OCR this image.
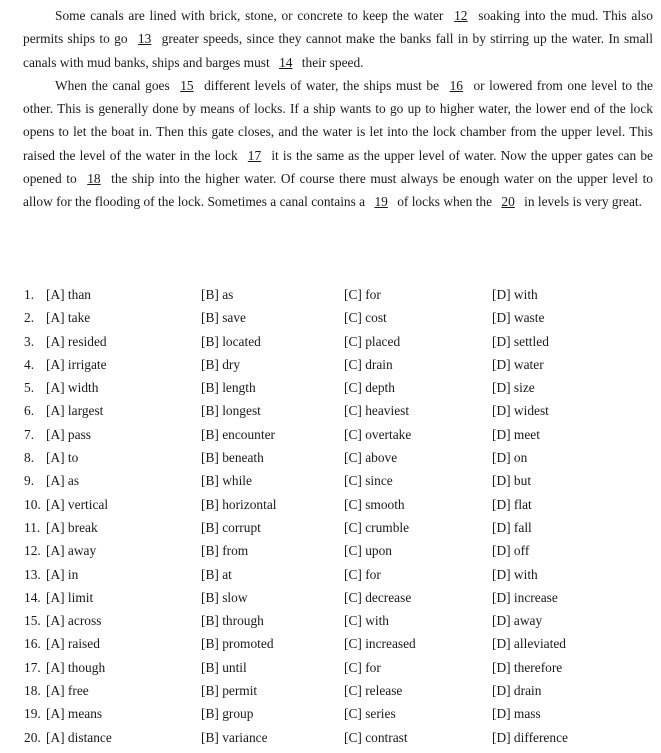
Some canals are lined with brick, stone, or concrete to keep the water 12 soaking into the mud. This also permits ships to go 13 greater speeds, since they cannot make the banks fall in by stirring up the water. In small canals with mud banks, ships and barges must 14 their speed.

When the canal goes 15 different levels of water, the ships must be 16 or lowered from one level to the other. This is generally done by means of locks. If a ship wants to go up to higher water, the lower end of the lock opens to let the boat in. Then this gate closes, and the water is let into the lock chamber from the upper level. This raised the level of the water in the lock 17 it is the same as the upper level of water. Now the upper gates can be opened to 18 the ship into the higher water. Of course there must always be enough water on the upper level to allow for the flooding of the lock. Sometimes a canal contains a 19 of locks when the 20 in levels is very great.

1. [A] than	[B] as	[C] for	[D] with
2. [A] take	[B] save	[C] cost	[D] waste
3. [A] resided	[B] located	[C] placed	[D] settled
4. [A] irrigate	[B] dry	[C] drain	[D] water
5. [A] width	[B] length	[C] depth	[D] size
6. [A] largest	[B] longest	[C] heaviest	[D] widest
7. [A] pass	[B] encounter	[C] overtake	[D] meet
8. [A] to	[B] beneath	[C] above	[D] on
9. [A] as	[B] while	[C] since	[D] but
10. [A] vertical	[B] horizontal	[C] smooth	[D] flat
11. [A] break	[B] corrupt	[C] crumble	[D] fall
12. [A] away	[B] from	[C] upon	[D] off
13. [A] in	[B] at	[C] for	[D] with
14. [A] limit	[B] slow	[C] decrease	[D] increase
15. [A] across	[B] through	[C] with	[D] away
16. [A] raised	[B] promoted	[C] increased	[D] alleviated
17. [A] though	[B] until	[C] for	[D] therefore
18. [A] free	[B] permit	[C] release	[D] drain
19. [A] means	[B] group	[C] series	[D] mass
20. [A] distance	[B] variance	[C] contrast	[D] difference
